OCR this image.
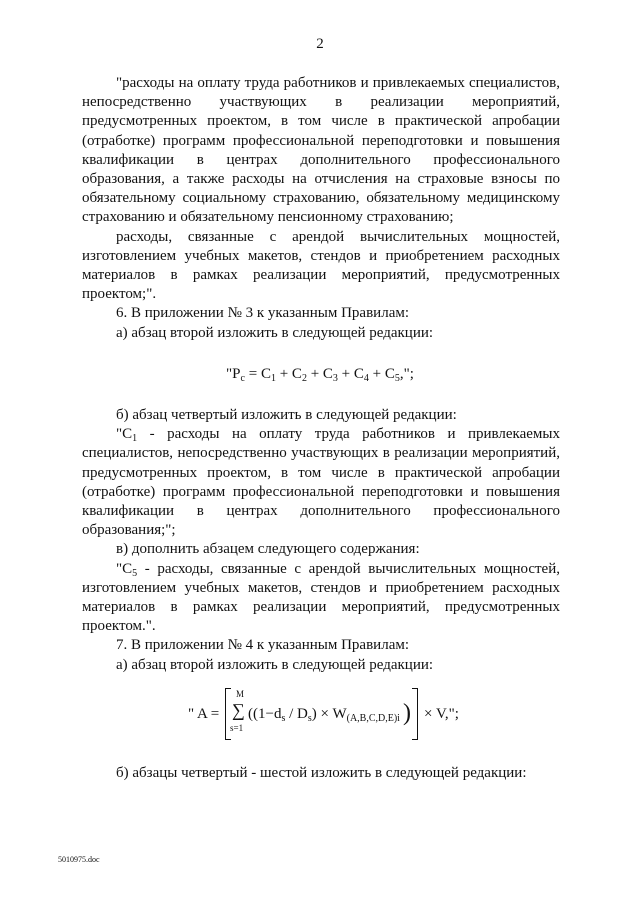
2

"расходы на оплату труда работников и привлекаемых специалистов, непосредственно участвующих в реализации мероприятий, предусмотренных проектом, в том числе в практической апробации (отработке) программ профессиональной переподготовки и повышения квалификации в центрах дополнительного профессионального образования, а также расходы на отчисления на страховые взносы по обязательному социальному страхованию, обязательному медицинскому страхованию и обязательному пенсионному страхованию;

расходы, связанные с арендой вычислительных мощностей, изготовлением учебных макетов, стендов и приобретением расходных материалов в рамках реализации мероприятий, предусмотренных проектом;".

6. В приложении № 3 к указанным Правилам:

а) абзац второй изложить в следующей редакции:

"$P_c = C_1 + C_2 + C_3 + C_4 + C_5$,";

б) абзац четвертый изложить в следующей редакции:

"$C_1$ - расходы на оплату труда работников и привлекаемых специалистов, непосредственно участвующих в реализации мероприятий, предусмотренных проектом, в том числе в практической апробации (отработке) программ профессиональной переподготовки и повышения квалификации в центрах дополнительного профессионального образования;";

в) дополнить абзацем следующего содержания:

"$C_5$ - расходы, связанные с арендой вычислительных мощностей, изготовлением учебных макетов, стендов и приобретением расходных материалов в рамках реализации мероприятий, предусмотренных проектом.".

7. В приложении № 4 к указанным Правилам:

а) абзац второй изложить в следующей редакции:

" A =
M
∑
s=1
($(1-d_s / D_s) \times W_{(A,B,C,D,E)i}$ ) × V,";

б) абзацы четвертый - шестой изложить в следующей редакции:

5010975.doc
